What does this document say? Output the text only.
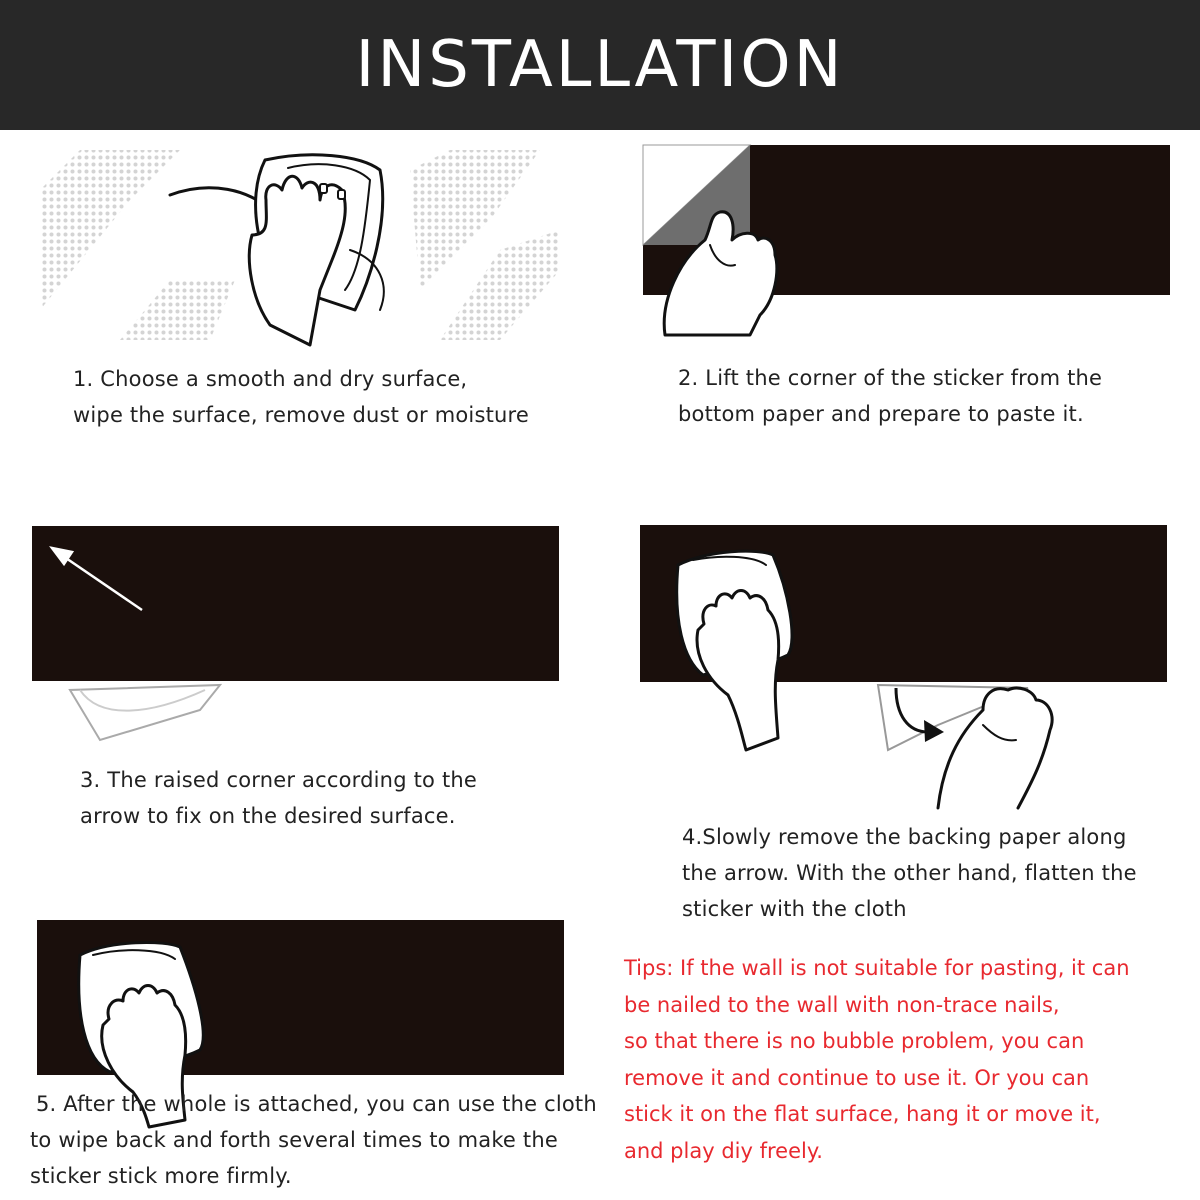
INSTALLATION
1. Choose a smooth and dry surface,
wipe the surface, remove dust or moisture
2. Lift the corner of the sticker from the
bottom paper and prepare to paste it.
3. The raised corner according to the
arrow to fix on the desired surface.
4.Slowly remove the backing paper along
the arrow. With the other hand, flatten the
sticker with the cloth
5. After the whole is attached, you can use the cloth
to wipe back and forth several times to make the
sticker stick more firmly.
Tips: If the wall is not suitable for pasting, it can
be nailed to the wall with non-trace nails,
so that there is no bubble problem, you can
remove it and continue to use it. Or you can
stick it on the flat surface, hang it or move it,
and play diy freely.
